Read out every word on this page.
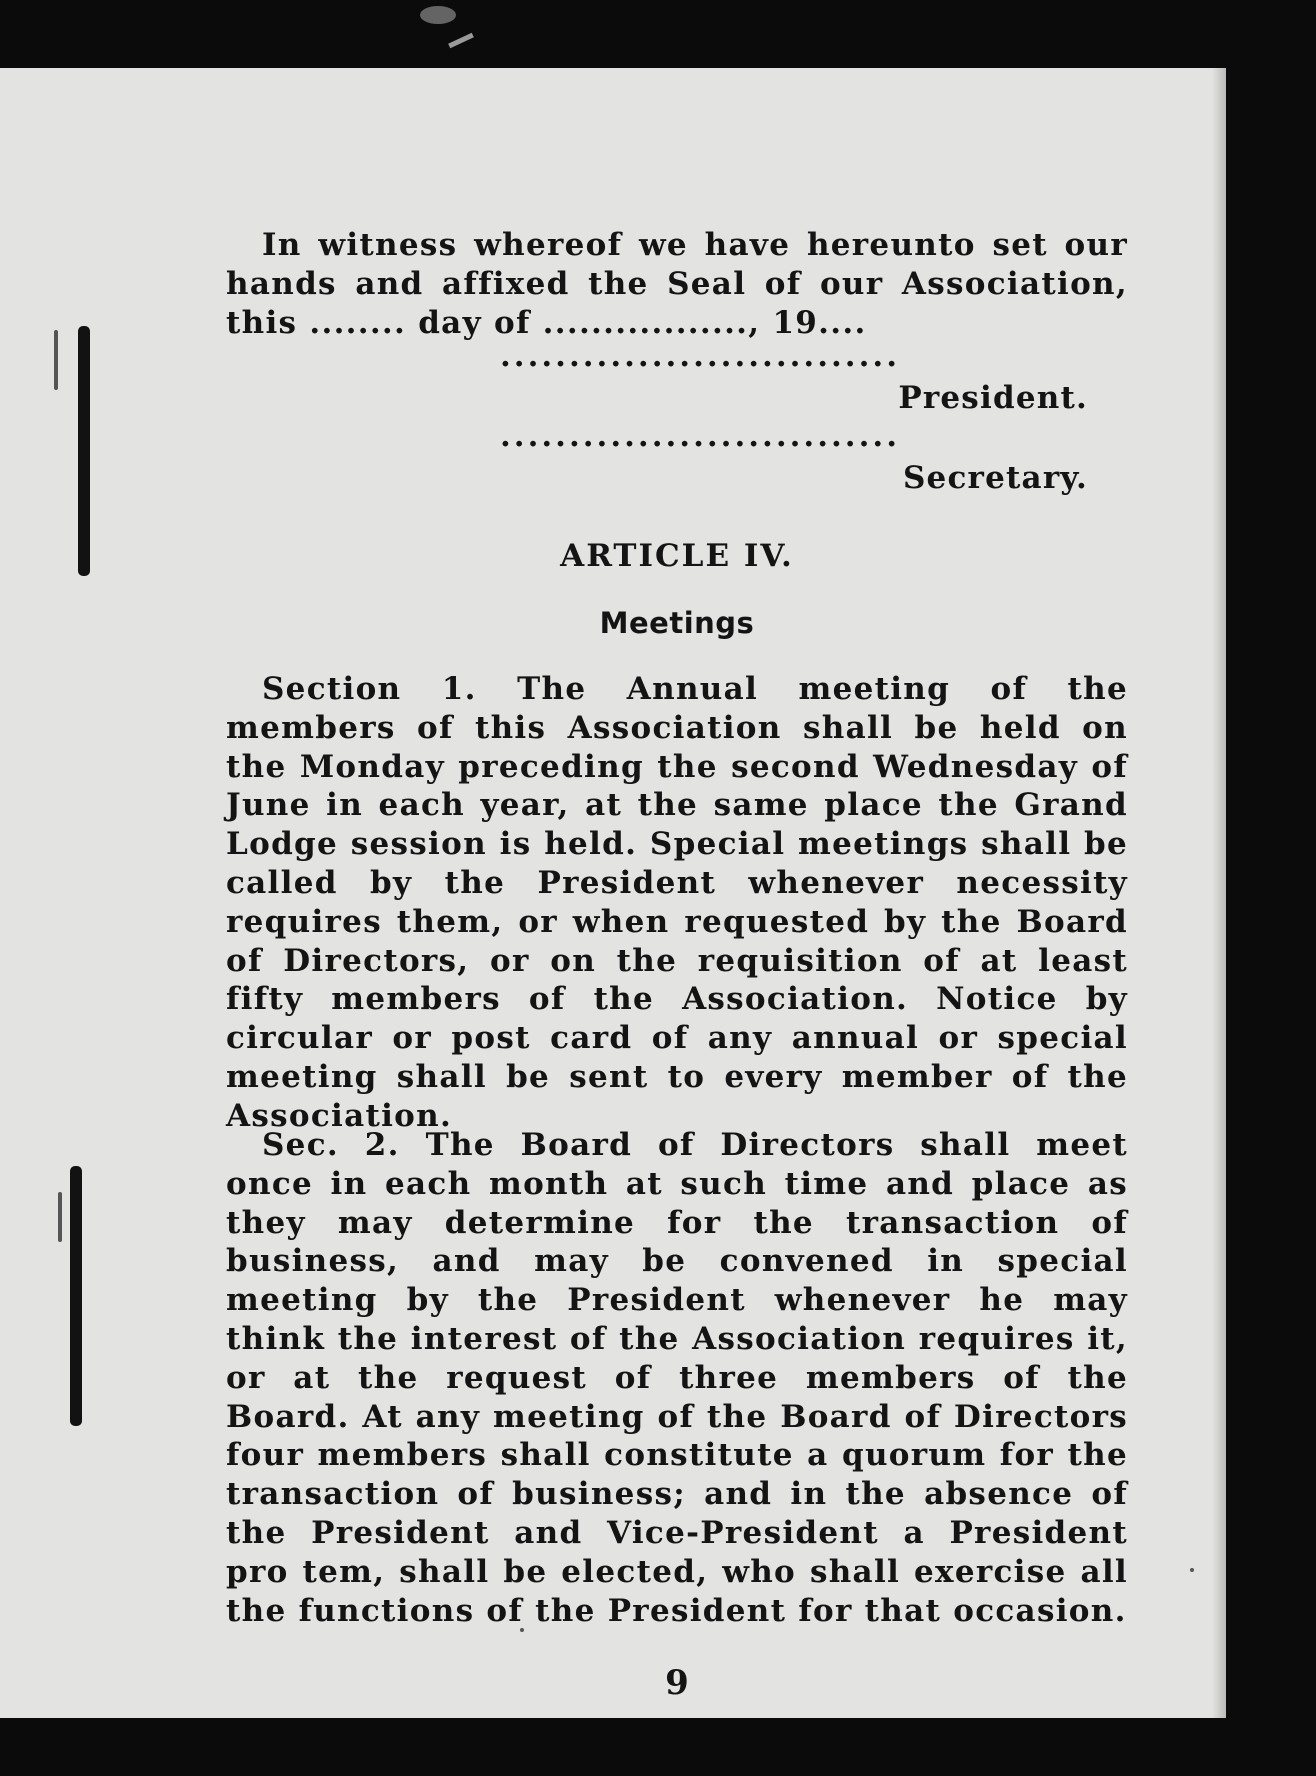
In witness whereof we have hereunto set our hands and affixed the Seal of our Association, this ........ day of ................., 19....

.............................
President.
.............................
Secretary.
ARTICLE IV.
Meetings

Section 1. The Annual meeting of the members of this Association shall be held on the Monday preceding the second Wednesday of June in each year, at the same place the Grand Lodge session is held. Special meetings shall be called by the President whenever necessity requires them, or when requested by the Board of Directors, or on the requisition of at least fifty members of the Association. Notice by circular or post card of any annual or special meeting shall be sent to every member of the Association.

Sec. 2. The Board of Directors shall meet once in each month at such time and place as they may determine for the transaction of business, and may be convened in special meeting by the President whenever he may think the interest of the Association requires it, or at the request of three members of the Board. At any meeting of the Board of Directors four members shall constitute a quorum for the transaction of business; and in the absence of the President and Vice-President a President pro tem, shall be elected, who shall exercise all the functions of the President for that occasion.

9
